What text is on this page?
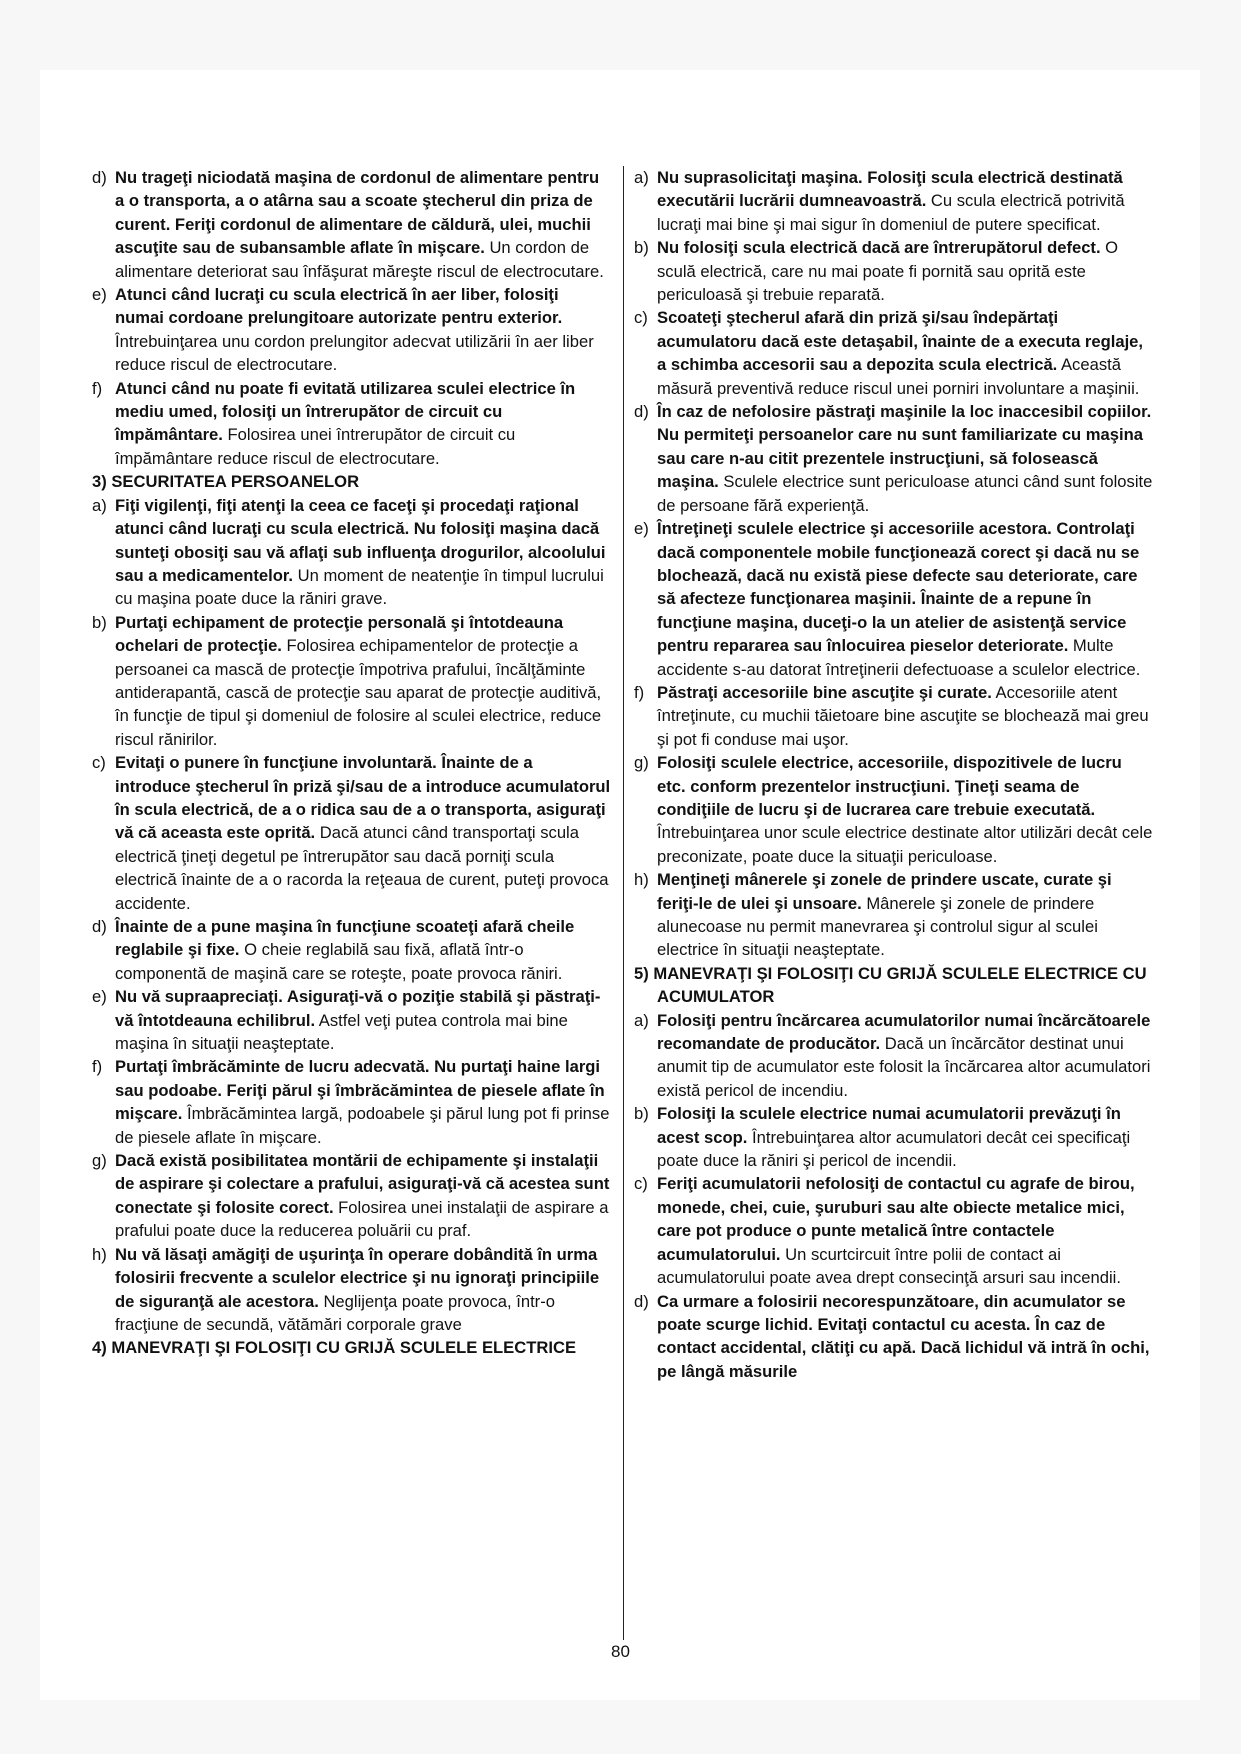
d) Nu trageţi niciodată maşina de cordonul de alimentare pentru a o transporta, a o atârna sau a scoate ştecherul din priza de curent. Feriţi cordonul de alimentare de căldură, ulei, muchii ascuţite sau de subansamble aflate în mişcare. Un cordon de alimentare deteriorat sau înfăşurat măreşte riscul de electrocutare.

e) Atunci când lucraţi cu scula electrică în aer liber, folosiţi numai cordoane prelungitoare autorizate pentru exterior. Întrebuinţarea unu cordon prelungitor adecvat utilizării în aer liber reduce riscul de electrocutare.

f) Atunci când nu poate fi evitată utilizarea sculei electrice în mediu umed, folosiţi un întrerupător de circuit cu împământare. Folosirea unei întrerupător de circuit cu împământare reduce riscul de electrocutare.

3) SECURITATEA PERSOANELOR

a) Fiţi vigilenţi, fiţi atenţi la ceea ce faceţi şi procedaţi raţional atunci când lucraţi cu scula electrică. Nu folosiţi maşina dacă sunteţi obosiţi sau vă aflaţi sub influenţa drogurilor, alcoolului sau a medicamentelor. Un moment de neatenţie în timpul lucrului cu maşina poate duce la răniri grave.

b) Purtaţi echipament de protecţie personală şi întotdeauna ochelari de protecţie. Folosirea echipamentelor de protecţie a persoanei ca mască de protecţie împotriva prafului, încălţăminte antiderapantă, cască de protecţie sau aparat de protecţie auditivă, în funcţie de tipul şi domeniul de folosire al sculei electrice, reduce riscul rănirilor.

c) Evitaţi o punere în funcţiune involuntară. Înainte de a introduce ştecherul în priză şi/sau de a introduce acumulatorul în scula electrică, de a o ridica sau de a o transporta, asiguraţi vă că aceasta este oprită. Dacă atunci când transportaţi scula electrică ţineţi degetul pe întrerupător sau dacă porniţi scula electrică înainte de a o racorda la reţeaua de curent, puteţi provoca accidente.

d) Înainte de a pune maşina în funcţiune scoateţi afară cheile reglabile şi fixe. O cheie reglabilă sau fixă, aflată într-o componentă de maşină care se roteşte, poate provoca răniri.

e) Nu vă supraapreciaţi. Asiguraţi-vă o poziţie stabilă şi păstraţi-vă întotdeauna echilibrul. Astfel veţi putea controla mai bine maşina în situaţii neaşteptate.

f) Purtaţi îmbrăcăminte de lucru adecvată. Nu purtaţi haine largi sau podoabe. Feriţi părul şi îmbrăcămintea de piesele aflate în mişcare. Îmbrăcămintea largă, podoabele şi părul lung pot fi prinse de piesele aflate în mişcare.

g) Dacă există posibilitatea montării de echipamente şi instalaţii de aspirare şi colectare a prafului, asiguraţi-vă că acestea sunt conectate şi folosite corect. Folosirea unei instalaţii de aspirare a prafului poate duce la reducerea poluării cu praf.

h) Nu vă lăsaţi amăgiţi de uşurinţa în operare dobândită în urma folosirii frecvente a sculelor electrice şi nu ignoraţi principiile de siguranţă ale acestora. Neglijenţa poate provoca, într-o fracţiune de secundă, vătămări corporale grave

4) MANEVRAŢI ŞI FOLOSIŢI CU GRIJĂ SCULELE ELECTRICE

a) Nu suprasolicitaţi maşina. Folosiţi scula electrică destinată executării lucrării dumneavoastră. Cu scula electrică potrivită lucraţi mai bine şi mai sigur în domeniul de putere specificat.

b) Nu folosiţi scula electrică dacă are întrerupătorul defect. O sculă electrică, care nu mai poate fi pornită sau oprită este periculoasă şi trebuie reparată.

c) Scoateţi ştecherul afară din priză şi/sau îndepărtaţi acumulatoru dacă este detaşabil, înainte de a executa reglaje, a schimba accesorii sau a depozita scula electrică. Această măsură preventivă reduce riscul unei porniri involuntare a maşinii.

d) În caz de nefolosire păstraţi maşinile la loc inaccesibil copiilor. Nu permiteţi persoanelor care nu sunt familiarizate cu maşina sau care n-au citit prezentele instrucţiuni, să folosească maşina. Sculele electrice sunt periculoase atunci când sunt folosite de persoane fără experienţă.

e) Întreţineţi sculele electrice şi accesoriile acestora. Controlaţi dacă componentele mobile funcţionează corect şi dacă nu se blochează, dacă nu există piese defecte sau deteriorate, care să afecteze funcţionarea maşinii. Înainte de a repune în funcţiune maşina, duceţi-o la un atelier de asistenţă service pentru repararea sau înlocuirea pieselor deteriorate. Multe accidente s-au datorat întreţinerii defectuoase a sculelor electrice.

f) Păstraţi accesoriile bine ascuţite şi curate. Accesoriile atent întreţinute, cu muchii tăietoare bine ascuţite se blochează mai greu şi pot fi conduse mai uşor.

g) Folosiţi sculele electrice, accesoriile, dispozitivele de lucru etc. conform prezentelor instrucţiuni. Ţineţi seama de condiţiile de lucru şi de lucrarea care trebuie executată. Întrebuinţarea unor scule electrice destinate altor utilizări decât cele preconizate, poate duce la situaţii periculoase.

h) Menţineţi mânerele şi zonele de prindere uscate, curate şi feriţi-le de ulei şi unsoare. Mânerele şi zonele de prindere alunecoase nu permit manevrarea şi controlul sigur al sculei electrice în situaţii neaşteptate.

5) MANEVRAŢI ŞI FOLOSIŢI CU GRIJĂ SCULELE ELECTRICE CU ACUMULATOR

a) Folosiţi pentru încărcarea acumulatorilor numai încărcătoarele recomandate de producător. Dacă un încărcător destinat unui anumit tip de acumulator este folosit la încărcarea altor acumulatori există pericol de incendiu.

b) Folosiţi la sculele electrice numai acumulatorii prevăzuţi în acest scop. Întrebuinţarea altor acumulatori decât cei specificaţi poate duce la răniri şi pericol de incendii.

c) Feriţi acumulatorii nefolosiţi de contactul cu agrafe de birou, monede, chei, cuie, şuruburi sau alte obiecte metalice mici, care pot produce o punte metalică între contactele acumulatorului. Un scurtcircuit între polii de contact ai acumulatorului poate avea drept consecinţă arsuri sau incendii.

d) Ca urmare a folosirii necorespunzătoare, din acumulator se poate scurge lichid. Evitaţi contactul cu acesta. În caz de contact accidental, clătiţi cu apă. Dacă lichidul vă intră în ochi, pe lângă măsurile

80
